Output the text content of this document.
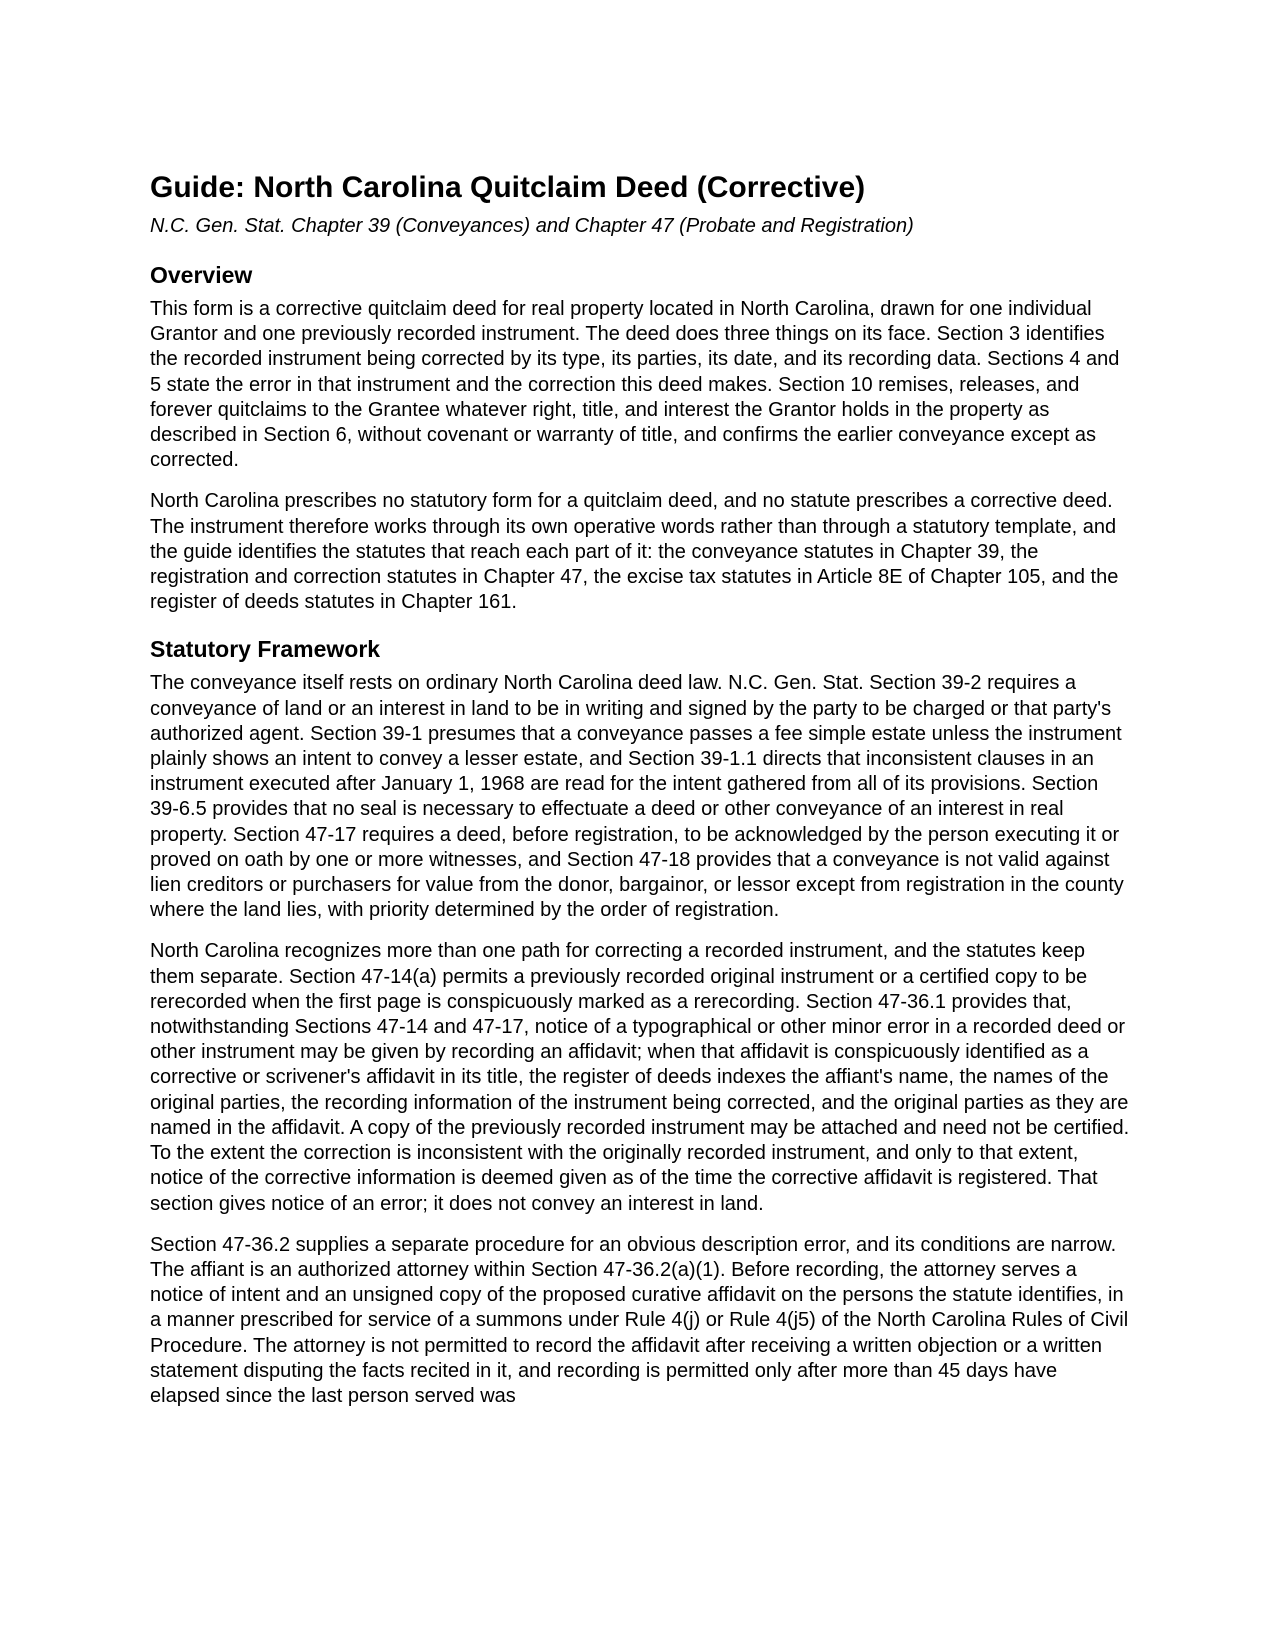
Guide: North Carolina Quitclaim Deed (Corrective)
N.C. Gen. Stat. Chapter 39 (Conveyances) and Chapter 47 (Probate and Registration)
Overview

This form is a corrective quitclaim deed for real property located in North Carolina, drawn for one individual Grantor and one previously recorded instrument. The deed does three things on its face. Section 3 identifies the recorded instrument being corrected by its type, its parties, its date, and its recording data. Sections 4 and 5 state the error in that instrument and the correction this deed makes. Section 10 remises, releases, and forever quitclaims to the Grantee whatever right, title, and interest the Grantor holds in the property as described in Section 6, without covenant or warranty of title, and confirms the earlier conveyance except as corrected.

North Carolina prescribes no statutory form for a quitclaim deed, and no statute prescribes a corrective deed. The instrument therefore works through its own operative words rather than through a statutory template, and the guide identifies the statutes that reach each part of it: the conveyance statutes in Chapter 39, the registration and correction statutes in Chapter 47, the excise tax statutes in Article 8E of Chapter 105, and the register of deeds statutes in Chapter 161.

Statutory Framework

The conveyance itself rests on ordinary North Carolina deed law. N.C. Gen. Stat. Section 39-2 requires a conveyance of land or an interest in land to be in writing and signed by the party to be charged or that party's authorized agent. Section 39-1 presumes that a conveyance passes a fee simple estate unless the instrument plainly shows an intent to convey a lesser estate, and Section 39-1.1 directs that inconsistent clauses in an instrument executed after January 1, 1968 are read for the intent gathered from all of its provisions. Section 39-6.5 provides that no seal is necessary to effectuate a deed or other conveyance of an interest in real property. Section 47-17 requires a deed, before registration, to be acknowledged by the person executing it or proved on oath by one or more witnesses, and Section 47-18 provides that a conveyance is not valid against lien creditors or purchasers for value from the donor, bargainor, or lessor except from registration in the county where the land lies, with priority determined by the order of registration.

North Carolina recognizes more than one path for correcting a recorded instrument, and the statutes keep them separate. Section 47-14(a) permits a previously recorded original instrument or a certified copy to be rerecorded when the first page is conspicuously marked as a rerecording. Section 47-36.1 provides that, notwithstanding Sections 47-14 and 47-17, notice of a typographical or other minor error in a recorded deed or other instrument may be given by recording an affidavit; when that affidavit is conspicuously identified as a corrective or scrivener's affidavit in its title, the register of deeds indexes the affiant's name, the names of the original parties, the recording information of the instrument being corrected, and the original parties as they are named in the affidavit. A copy of the previously recorded instrument may be attached and need not be certified. To the extent the correction is inconsistent with the originally recorded instrument, and only to that extent, notice of the corrective information is deemed given as of the time the corrective affidavit is registered. That section gives notice of an error; it does not convey an interest in land.

Section 47-36.2 supplies a separate procedure for an obvious description error, and its conditions are narrow. The affiant is an authorized attorney within Section 47-36.2(a)(1). Before recording, the attorney serves a notice of intent and an unsigned copy of the proposed curative affidavit on the persons the statute identifies, in a manner prescribed for service of a summons under Rule 4(j) or Rule 4(j5) of the North Carolina Rules of Civil Procedure. The attorney is not permitted to record the affidavit after receiving a written objection or a written statement disputing the facts recited in it, and recording is permitted only after more than 45 days have elapsed since the last person served was
